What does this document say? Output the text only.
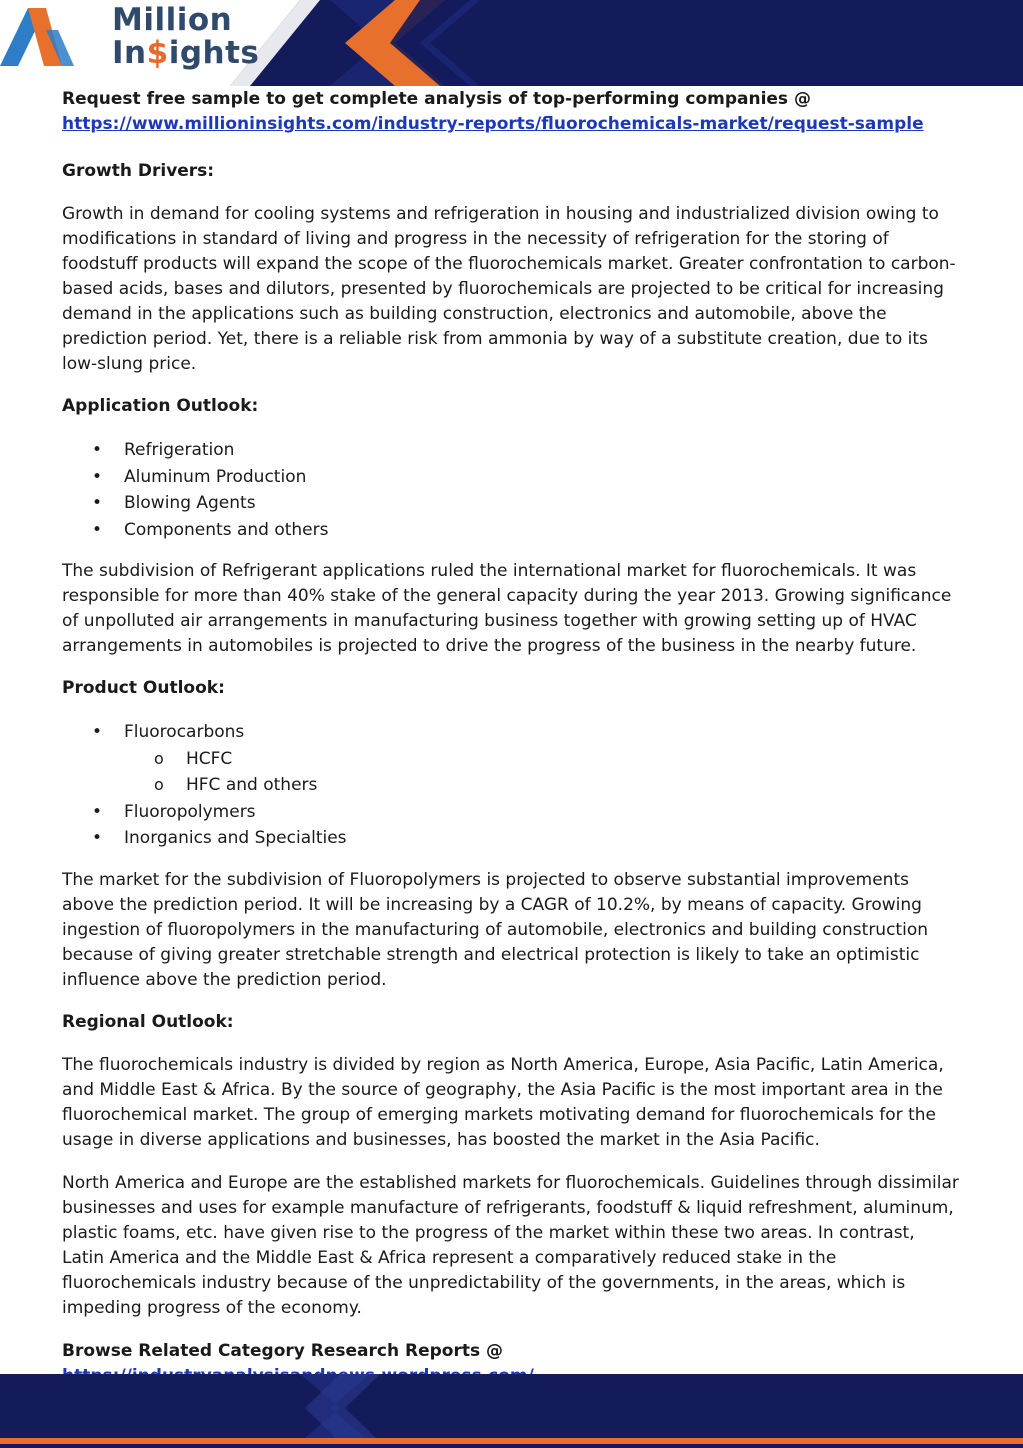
Million
In$ights
Request free sample to get complete analysis of top-performing companies @
https://www.millioninsights.com/industry-reports/fluorochemicals-market/request-sample
Growth Drivers:

Growth in demand for cooling systems and refrigeration in housing and industrialized division owing to modifications in standard of living and progress in the necessity of refrigeration for the storing of foodstuff products will expand the scope of the fluorochemicals market. Greater confrontation to carbon-based acids, bases and dilutors, presented by fluorochemicals are projected to be critical for increasing demand in the applications such as building construction, electronics and automobile, above the prediction period. Yet, there is a reliable risk from ammonia by way of a substitute creation, due to its low-slung price.

Application Outlook:
• Refrigeration
• Aluminum Production
• Blowing Agents
• Components and others

The subdivision of Refrigerant applications ruled the international market for fluorochemicals. It was responsible for more than 40% stake of the general capacity during the year 2013. Growing significance of unpolluted air arrangements in manufacturing business together with growing setting up of HVAC arrangements in automobiles is projected to drive the progress of the business in the nearby future.

Product Outlook:
• Fluorocarbons
o HCFC
o HFC and others
• Fluoropolymers
• Inorganics and Specialties

The market for the subdivision of Fluoropolymers is projected to observe substantial improvements above the prediction period. It will be increasing by a CAGR of 10.2%, by means of capacity. Growing ingestion of fluoropolymers in the manufacturing of automobile, electronics and building construction because of giving greater stretchable strength and electrical protection is likely to take an optimistic influence above the prediction period.

Regional Outlook:

The fluorochemicals industry is divided by region as North America, Europe, Asia Pacific, Latin America, and Middle East & Africa. By the source of geography, the Asia Pacific is the most important area in the fluorochemical market. The group of emerging markets motivating demand for fluorochemicals for the usage in diverse applications and businesses, has boosted the market in the Asia Pacific.

North America and Europe are the established markets for fluorochemicals. Guidelines through dissimilar businesses and uses for example manufacture of refrigerants, foodstuff & liquid refreshment, aluminum, plastic foams, etc. have given rise to the progress of the market within these two areas. In contrast, Latin America and the Middle East & Africa represent a comparatively reduced stake in the fluorochemicals industry because of the unpredictability of the governments, in the areas, which is impeding progress of the economy.

Browse Related Category Research Reports @
